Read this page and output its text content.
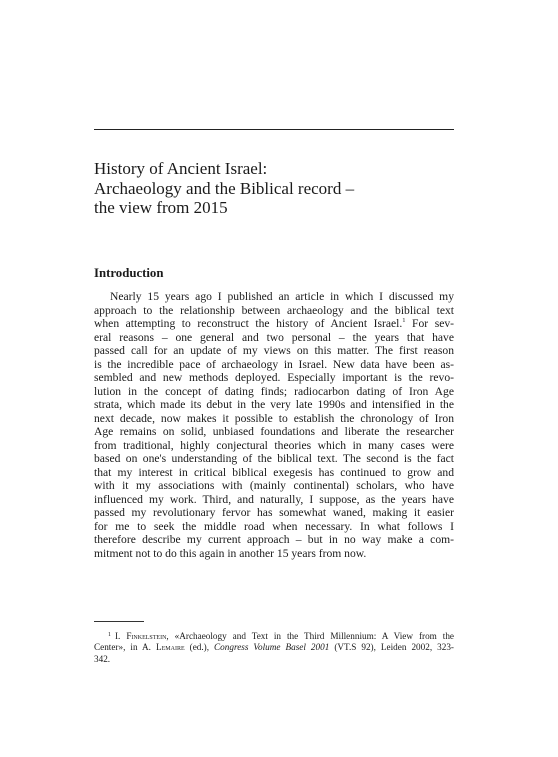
History of Ancient Israel:
Archaeology and the Biblical record –
the view from 2015
Introduction
Nearly 15 years ago I published an article in which I discussed my
approach to the relationship between archaeology and the biblical text
when attempting to reconstruct the history of Ancient Israel.$^1$ For sev-
eral reasons – one general and two personal – the years that have
passed call for an update of my views on this matter. The first reason
is the incredible pace of archaeology in Israel. New data have been as-
sembled and new methods deployed. Especially important is the revo-
lution in the concept of dating finds; radiocarbon dating of Iron Age
strata, which made its debut in the very late 1990s and intensified in the
next decade, now makes it possible to establish the chronology of Iron
Age remains on solid, unbiased foundations and liberate the researcher
from traditional, highly conjectural theories which in many cases were
based on one's understanding of the biblical text. The second is the fact
that my interest in critical biblical exegesis has continued to grow and
with it my associations with (mainly continental) scholars, who have
influenced my work. Third, and naturally, I suppose, as the years have
passed my revolutionary fervor has somewhat waned, making it easier
for me to seek the middle road when necessary. In what follows I
therefore describe my current approach – but in no way make a com-
mitment not to do this again in another 15 years from now.
$^1$ I. Finkelstein, «Archaeology and Text in the Third Millennium: A View from the
Center», in A. Lemaire (ed.), Congress Volume Basel 2001 (VT.S 92), Leiden 2002, 323-
342.
